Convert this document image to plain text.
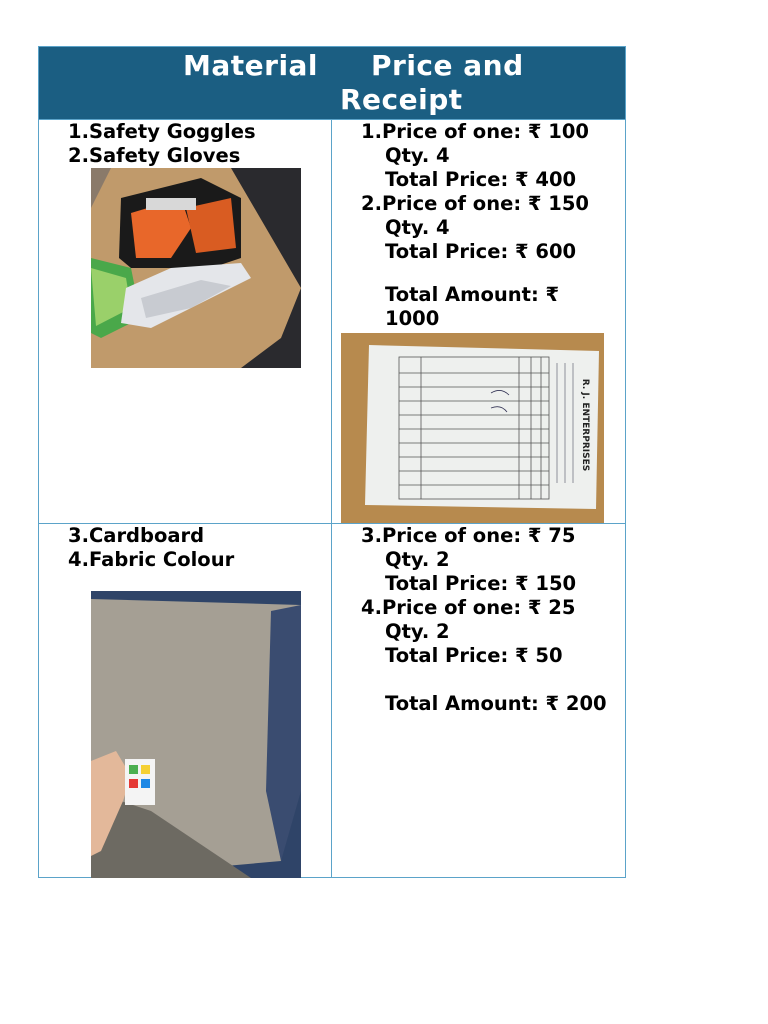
Material Price and
Receipt
1.Safety Goggles
2.Safety Gloves
1.Price of one: ₹ 100
Qty. 4
Total Price: ₹ 400
2.Price of one: ₹ 150
Qty. 4
Total Price: ₹ 600
Total Amount: ₹
1000
R. J. ENTERPRISES
3.Cardboard
4.Fabric Colour
3.Price of one: ₹ 75
Qty. 2
Total Price: ₹ 150
4.Price of one: ₹ 25
Qty. 2
Total Price: ₹ 50
Total Amount: ₹ 200
